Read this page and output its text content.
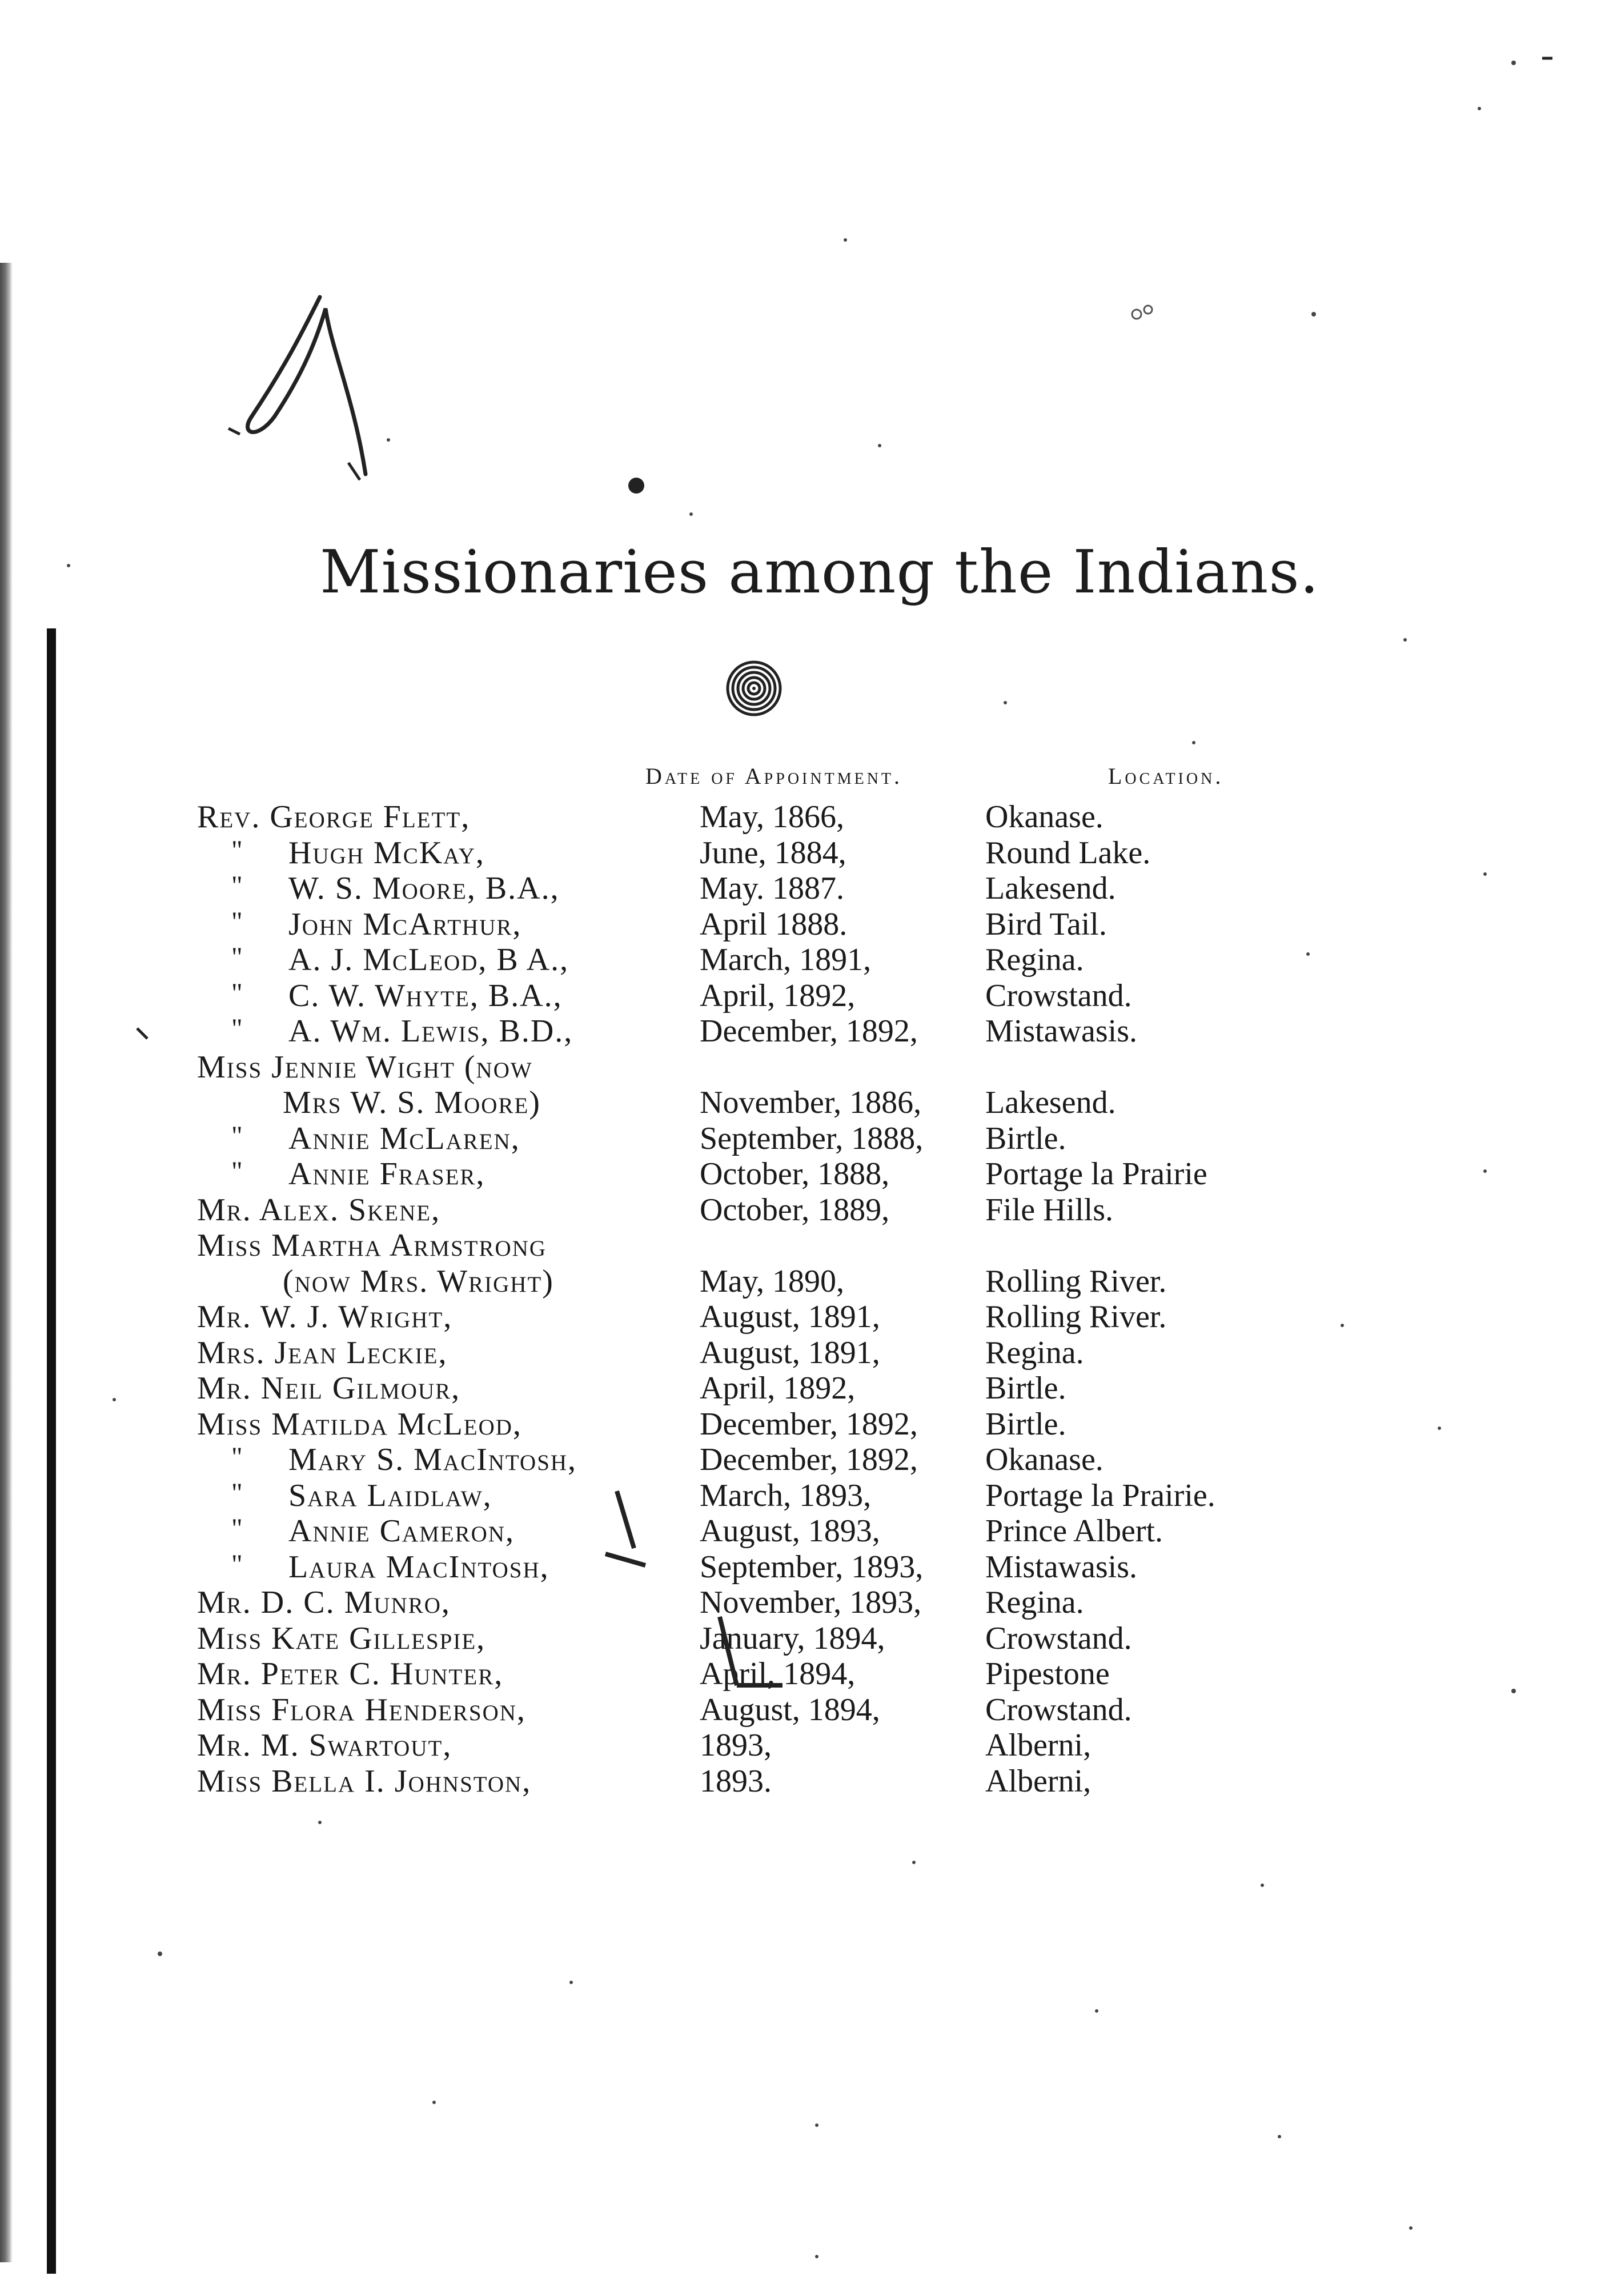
Missionaries among the Indians.
Date of Appointment.	Location.
Rev. George Flett,	May, 1866,	Okanase.
" Hugh McKay,	June, 1884,	Round Lake.
" W. S. Moore, B.A.,	May. 1887.	Lakesend.
" John McArthur,	April 1888.	Bird Tail.
" A. J. McLeod, B A.,	March, 1891,	Regina.
" C. W. Whyte, B.A.,	April, 1892,	Crowstand.
" A. Wm. Lewis, B.D.,	December, 1892, Mistawasis.
Miss Jennie Wight (now
Mrs W. S. Moore)	November, 1886, Lakesend.
" Annie McLaren,	September, 1888, Birtle.
" Annie Fraser,	October, 1888,	Portage la Prairie
Mr. Alex. Skene,	October, 1889,	File Hills.
Miss Martha Armstrong
(now Mrs. Wright)	May, 1890,	Rolling River.
Mr. W. J. Wright,	August, 1891,	Rolling River.
Mrs. Jean Leckie,	August, 1891,	Regina.
Mr. Neil Gilmour,	April, 1892,	Birtle.
Miss Matilda McLeod,	December, 1892, Birtle.
" Mary S. MacIntosh,	December, 1892, Okanase.
" Sara Laidlaw,	March, 1893,	Portage la Prairie.
" Annie Cameron,	August, 1893,	Prince Albert.
" Laura MacIntosh,	September, 1893, Mistawasis.
Mr. D. C. Munro,	November, 1893, Regina.
Miss Kate Gillespie,	January, 1894,	Crowstand.
Mr. Peter C. Hunter,	April, 1894,	Pipestone
Miss Flora Henderson,	August, 1894,	Crowstand.
Mr. M. Swartout,	1893,	Alberni,
Miss Bella I. Johnston,	1893.	Alberni,
